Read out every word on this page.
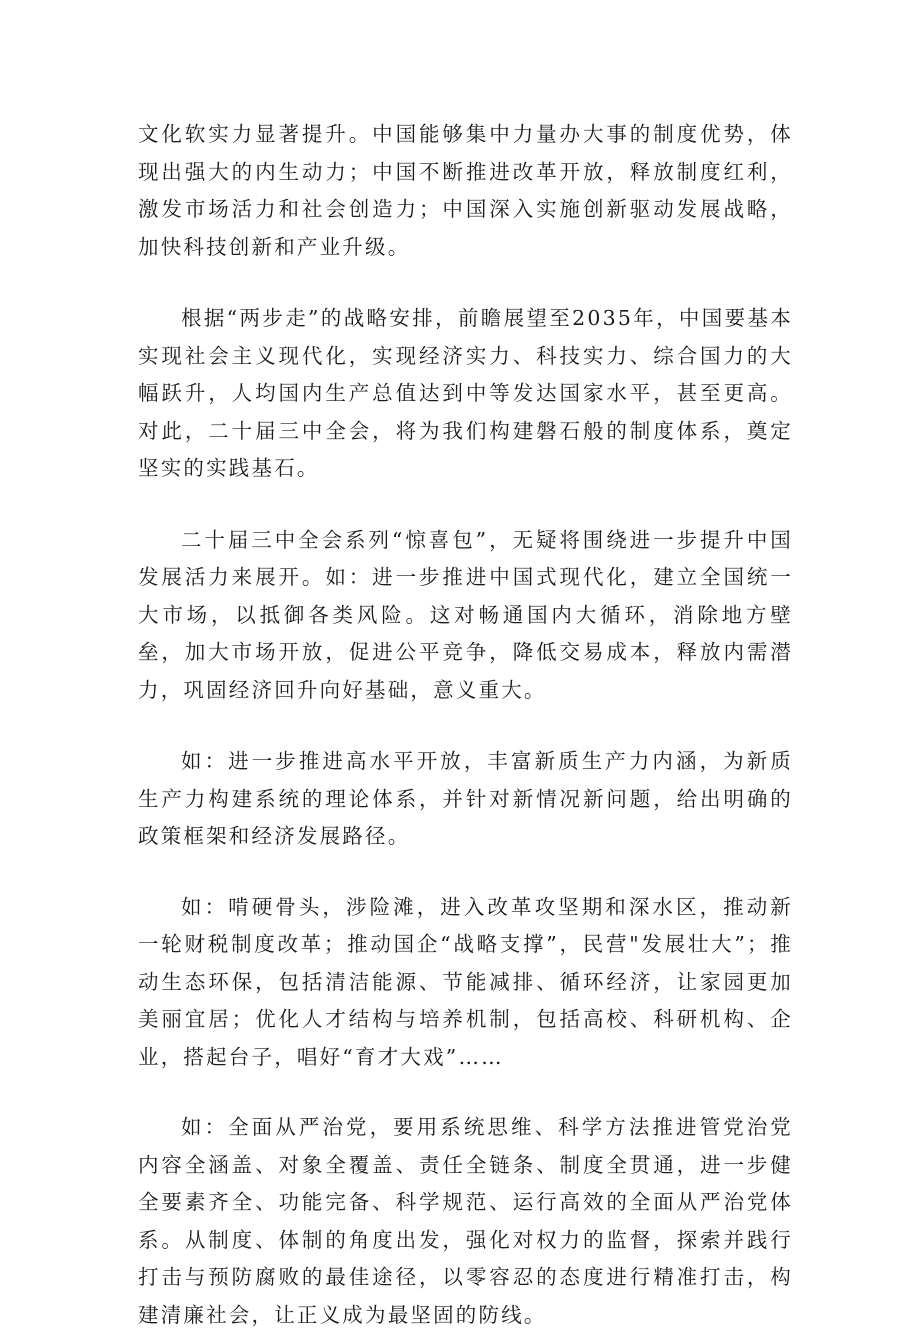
文化软实力显著提升。中国能够集中力量办大事的制度优势，体现出强大的内生动力；中国不断推进改革开放，释放制度红利，激发市场活力和社会创造力；中国深入实施创新驱动发展战略，加快科技创新和产业升级。

根据“两步走”的战略安排，前瞻展望至2035年，中国要基本实现社会主义现代化，实现经济实力、科技实力、综合国力的大幅跃升，人均国内生产总值达到中等发达国家水平，甚至更高。对此，二十届三中全会，将为我们构建磐石般的制度体系，奠定坚实的实践基石。

二十届三中全会系列“惊喜包”，无疑将围绕进一步提升中国发展活力来展开。如：进一步推进中国式现代化，建立全国统一大市场，以抵御各类风险。这对畅通国内大循环，消除地方壁垒，加大市场开放，促进公平竞争，降低交易成本，释放内需潜力，巩固经济回升向好基础，意义重大。

如：进一步推进高水平开放，丰富新质生产力内涵，为新质生产力构建系统的理论体系，并针对新情况新问题，给出明确的政策框架和经济发展路径。

如：啃硬骨头，涉险滩，进入改革攻坚期和深水区，推动新一轮财税制度改革；推动国企“战略支撑”，民营"发展壮大”；推动生态环保，包括清洁能源、节能减排、循环经济，让家园更加美丽宜居；优化人才结构与培养机制，包括高校、科研机构、企业，搭起台子，唱好“育才大戏”……

如：全面从严治党，要用系统思维、科学方法推进管党治党内容全涵盖、对象全覆盖、责任全链条、制度全贯通，进一步健全要素齐全、功能完备、科学规范、运行高效的全面从严治党体系。从制度、体制的角度出发，强化对权力的监督，探索并践行打击与预防腐败的最佳途径，以零容忍的态度进行精准打击，构建清廉社会，让正义成为最坚固的防线。
